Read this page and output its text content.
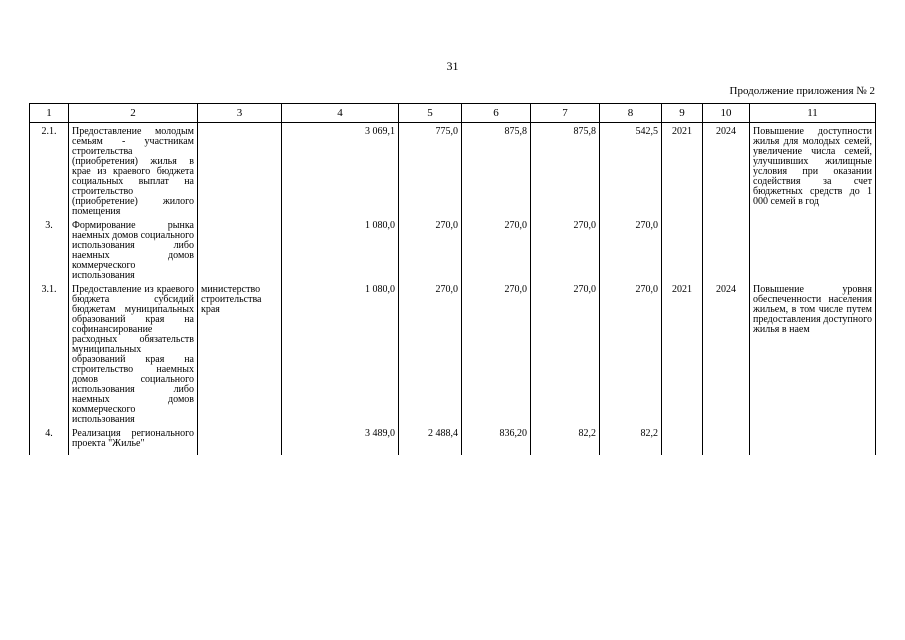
31
Продолжение приложения № 2
1	2	3	4	5	6	7	8	9	10	11
2.1.	Предоставление молодым семьям - участникам строительства (приобретения) жилья в крае из краевого бюджета социальных выплат на строительство (приобретение) жилого помещения		3 069,1	775,0	875,8	875,8	542,5	2021	2024	Повышение доступности жилья для молодых семей, увеличение числа семей, улучшивших жилищные условия при оказании содействия за счет бюджетных средств до 1 000 семей в год
3.	Формирование рынка наемных домов социального использования либо наемных домов коммерческого использования		1 080,0	270,0	270,0	270,0	270,0			
3.1.	Предоставление из краевого бюджета субсидий бюджетам муниципальных образований края на софинансирование расходных обязательств муниципальных образований края на строительство наемных домов социального использования либо наемных домов коммерческого использования	министерство строительства края	1 080,0	270,0	270,0	270,0	270,0	2021	2024	Повышение уровня обеспеченности населения жильем, в том числе путем предоставления доступного жилья в наем
4.	Реализация регионального проекта "Жилье"		3 489,0	2 488,4	836,20	82,2	82,2			
